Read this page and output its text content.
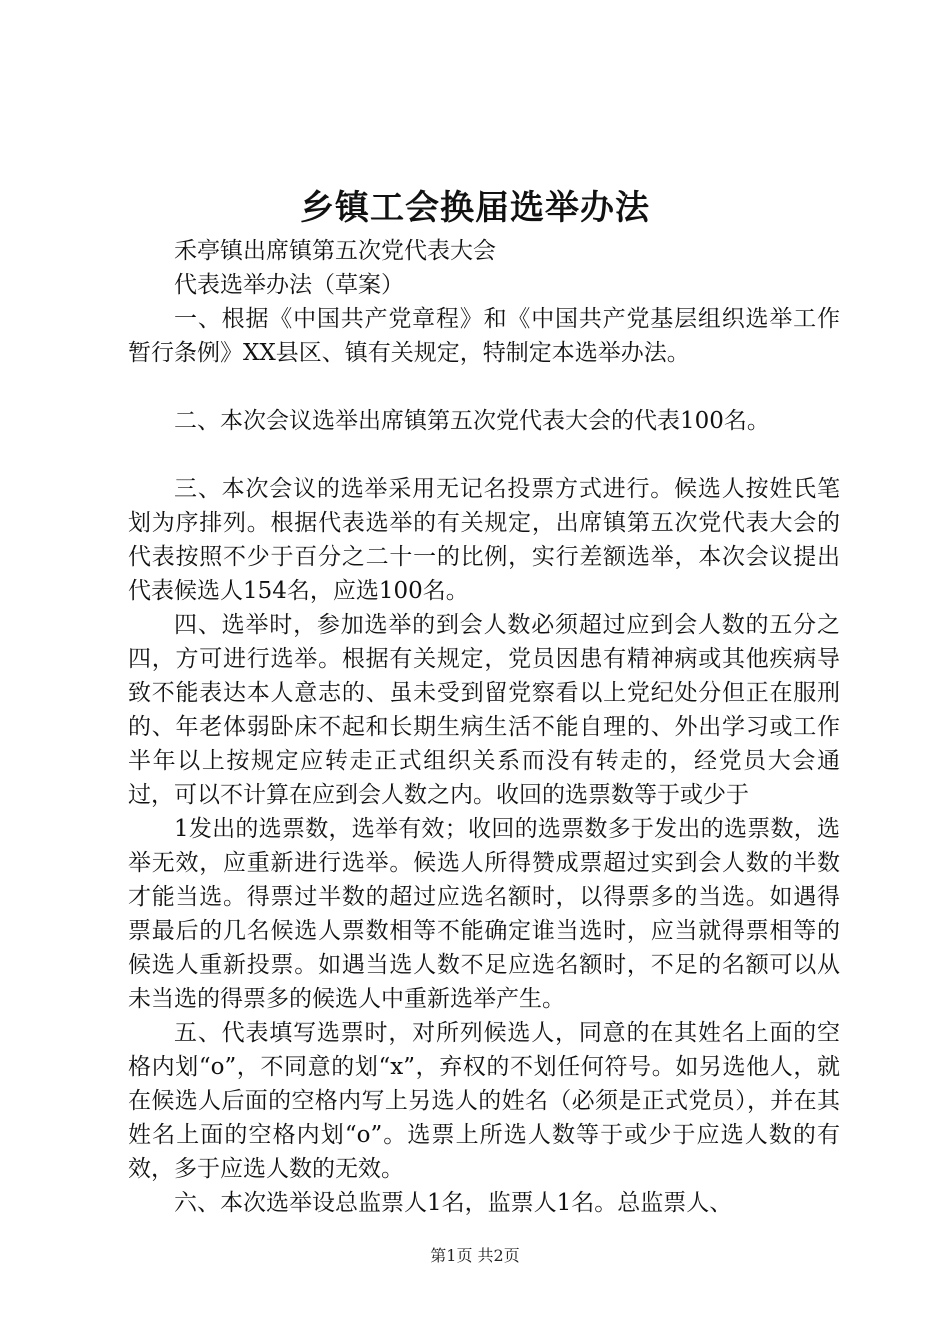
乡镇工会换届选举办法

禾亭镇出席镇第五次党代表大会

代表选举办法（草案）

一、根据《中国共产党章程》和《中国共产党基层组织选举工作暂行条例》XX县区、镇有关规定，特制定本选举办法。

二、本次会议选举出席镇第五次党代表大会的代表100名。

三、本次会议的选举采用无记名投票方式进行。候选人按姓氏笔划为序排列。根据代表选举的有关规定，出席镇第五次党代表大会的代表按照不少于百分之二十一的比例，实行差额选举，本次会议提出代表候选人154名，应选100名。

四、选举时，参加选举的到会人数必须超过应到会人数的五分之四，方可进行选举。根据有关规定，党员因患有精神病或其他疾病导致不能表达本人意志的、虽未受到留党察看以上党纪处分但正在服刑的、年老体弱卧床不起和长期生病生活不能自理的、外出学习或工作半年以上按规定应转走正式组织关系而没有转走的，经党员大会通过，可以不计算在应到会人数之内。收回的选票数等于或少于

1发出的选票数，选举有效；收回的选票数多于发出的选票数，选举无效，应重新进行选举。候选人所得赞成票超过实到会人数的半数才能当选。得票过半数的超过应选名额时，以得票多的当选。如遇得票最后的几名候选人票数相等不能确定谁当选时，应当就得票相等的候选人重新投票。如遇当选人数不足应选名额时，不足的名额可以从未当选的得票多的候选人中重新选举产生。

五、代表填写选票时，对所列候选人，同意的在其姓名上面的空格内划“o”，不同意的划“x”，弃权的不划任何符号。如另选他人，就在候选人后面的空格内写上另选人的姓名（必须是正式党员），并在其姓名上面的空格内划“o”。选票上所选人数等于或少于应选人数的有效，多于应选人数的无效。

六、本次选举设总监票人1名，监票人1名。总监票人、

第1页 共2页
